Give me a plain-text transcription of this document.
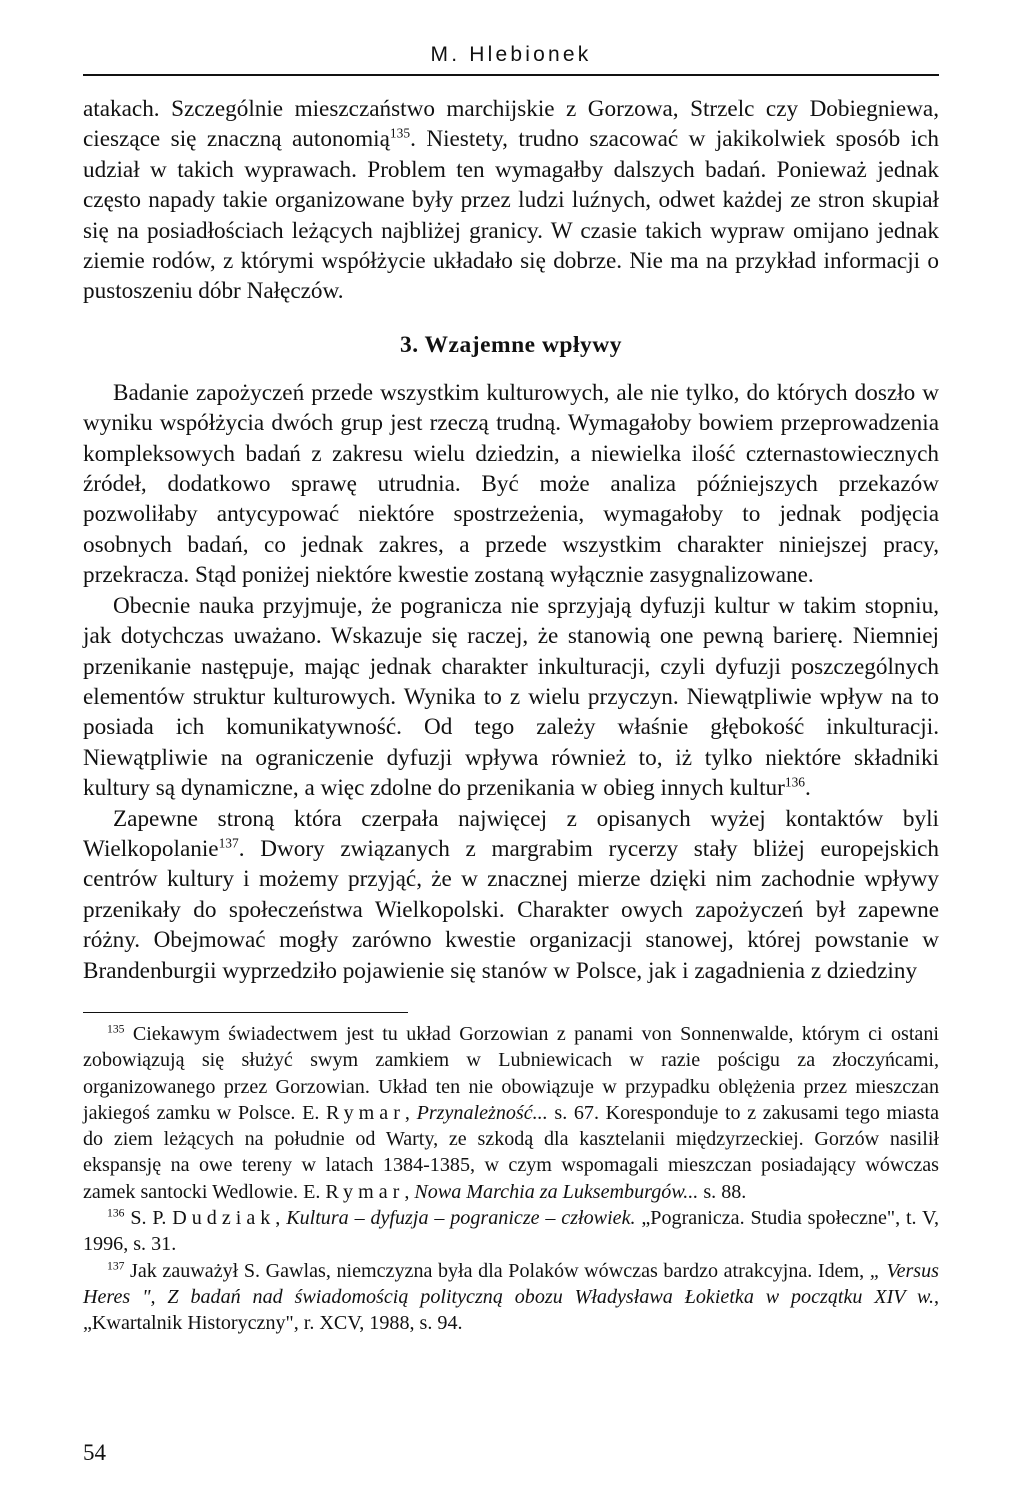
M. Hlebionek

atakach. Szczególnie mieszczaństwo marchijskie z Gorzowa, Strzelc czy Dobiegniewa, cieszące się znaczną autonomią$^{135}$. Niestety, trudno szacować w jakikolwiek sposób ich udział w takich wyprawach. Problem ten wymagałby dalszych badań. Ponieważ jednak często napady takie organizowane były przez ludzi luźnych, odwet każdej ze stron skupiał się na posiadłościach leżących najbliżej granicy. W czasie takich wypraw omijano jednak ziemie rodów, z którymi współżycie układało się dobrze. Nie ma na przykład informacji o pustoszeniu dóbr Nałęczów.

3. Wzajemne wpływy

Badanie zapożyczeń przede wszystkim kulturowych, ale nie tylko, do których doszło w wyniku współżycia dwóch grup jest rzeczą trudną. Wymagałoby bowiem przeprowadzenia kompleksowych badań z zakresu wielu dziedzin, a niewielka ilość czternastowiecznych źródeł, dodatkowo sprawę utrudnia. Być może analiza późniejszych przekazów pozwoliłaby antycypować niektóre spostrzeżenia, wymagałoby to jednak podjęcia osobnych badań, co jednak zakres, a przede wszystkim charakter niniejszej pracy, przekracza. Stąd poniżej niektóre kwestie zostaną wyłącznie zasygnalizowane.

Obecnie nauka przyjmuje, że pogranicza nie sprzyjają dyfuzji kultur w takim stopniu, jak dotychczas uważano. Wskazuje się raczej, że stanowią one pewną barierę. Niemniej przenikanie następuje, mając jednak charakter inkulturacji, czyli dyfuzji poszczególnych elementów struktur kulturowych. Wynika to z wielu przyczyn. Niewątpliwie wpływ na to posiada ich komunikatywność. Od tego zależy właśnie głębokość inkulturacji. Niewątpliwie na ograniczenie dyfuzji wpływa również to, iż tylko niektóre składniki kultury są dynamiczne, a więc zdolne do przenikania w obieg innych kultur$^{136}$.

Zapewne stroną która czerpała najwięcej z opisanych wyżej kontaktów byli Wielkopolanie$^{137}$. Dwory związanych z margrabim rycerzy stały bliżej europejskich centrów kultury i możemy przyjąć, że w znacznej mierze dzięki nim zachodnie wpływy przenikały do społeczeństwa Wielkopolski. Charakter owych zapożyczeń był zapewne różny. Obejmować mogły zarówno kwestie organizacji stanowej, której powstanie w Brandenburgii wyprzedziło pojawienie się stanów w Polsce, jak i zagadnienia z dziedziny

$^{135}$ Ciekawym świadectwem jest tu układ Gorzowian z panami von Sonnenwalde, którym ci ostani zobowiązują się służyć swym zamkiem w Lubniewicach w razie pościgu za złoczyńcami, organizowanego przez Gorzowian. Układ ten nie obowiązuje w przypadku oblężenia przez mieszczan jakiegoś zamku w Polsce. E. Rymar, Przynależność... s. 67. Koresponduje to z zakusami tego miasta do ziem leżących na południe od Warty, ze szkodą dla kasztelanii międzyrzeckiej. Gorzów nasilił ekspansję na owe tereny w latach 1384-1385, w czym wspomagali mieszczan posiadający wówczas zamek santocki Wedlowie. E. Rymar, Nowa Marchia za Luksemburgów... s. 88.

$^{136}$ S. P. Dudziak, Kultura – dyfuzja – pogranicze – człowiek. „Pogranicza. Studia społeczne", t. V, 1996, s. 31.

$^{137}$ Jak zauważył S. Gawlas, niemczyzna była dla Polaków wówczas bardzo atrakcyjna. Idem, „ Versus Heres ", Z badań nad świadomością polityczną obozu Władysława Łokietka w początku XIV w., „Kwartalnik Historyczny", r. XCV, 1988, s. 94.

54
